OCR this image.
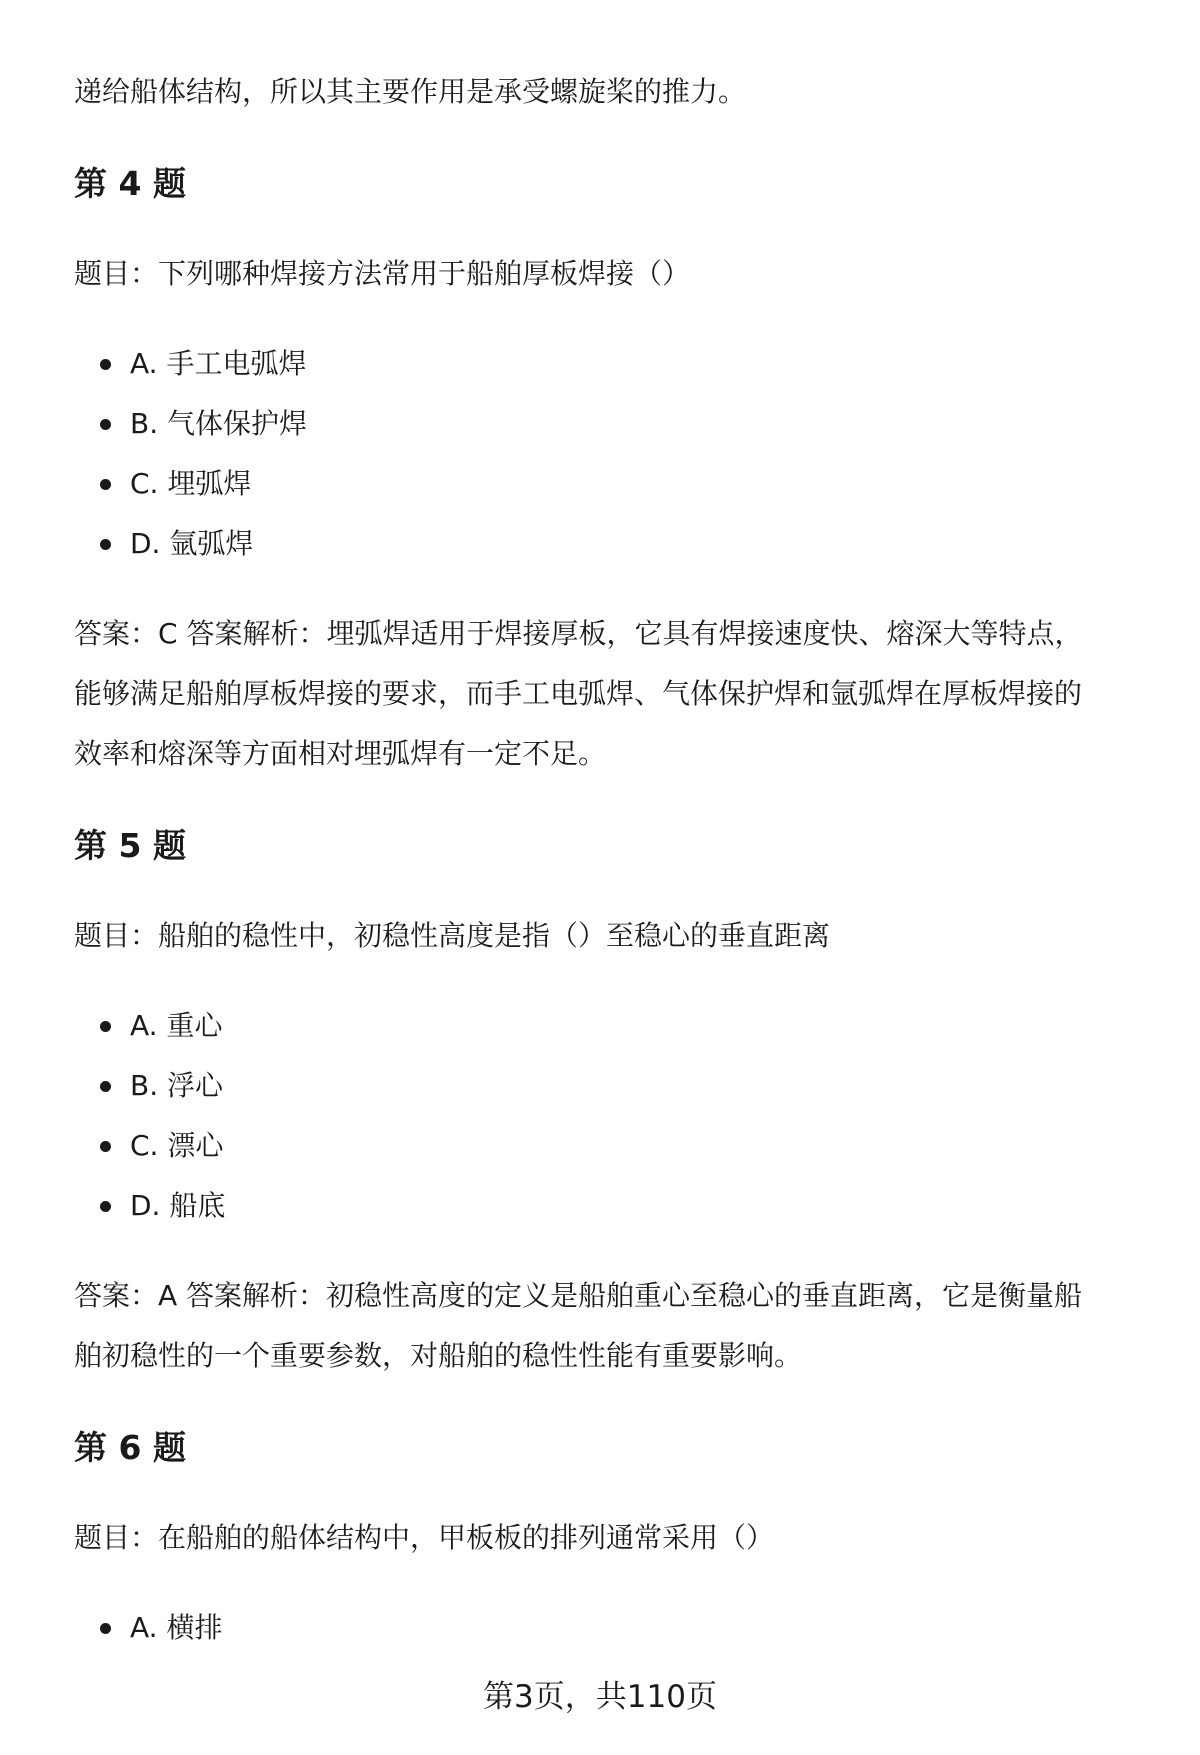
递给船体结构，所以其主要作用是承受螺旋桨的推力。

第 4 题

题目：下列哪种焊接方法常用于船舶厚板焊接（）

A. 手工电弧焊
B. 气体保护焊
C. 埋弧焊
D. 氩弧焊

答案：C 答案解析：埋弧焊适用于焊接厚板，它具有焊接速度快、熔深大等特点，

能够满足船舶厚板焊接的要求，而手工电弧焊、气体保护焊和氩弧焊在厚板焊接的

效率和熔深等方面相对埋弧焊有一定不足。

第 5 题

题目：船舶的稳性中，初稳性高度是指（）至稳心的垂直距离

A. 重心
B. 浮心
C. 漂心
D. 船底

答案：A 答案解析：初稳性高度的定义是船舶重心至稳心的垂直距离，它是衡量船

舶初稳性的一个重要参数，对船舶的稳性性能有重要影响。

第 6 题

题目：在船舶的船体结构中，甲板板的排列通常采用（）

A. 横排
第3页，共110页
